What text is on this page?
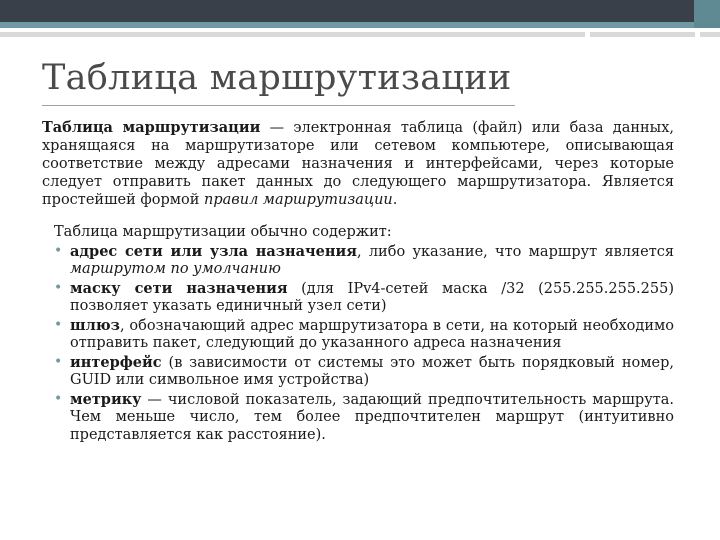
Таблица маршрутизации

Таблица маршрутизации — электронная таблица (файл) или база данных, хранящаяся на маршрутизаторе или сетевом компьютере, описывающая соответствие между адресами назначения и интерфейсами, через которые следует отправить пакет данных до следующего маршрутизатора. Является простейшей формой правил маршрутизации.

Таблица маршрутизации обычно содержит:

• адрес сети или узла назначения, либо указание, что маршрут является маршрутом по умолчанию
• маску сети назначения (для IPv4-сетей маска /32 (255.255.255.255) позволяет указать единичный узел сети)
• шлюз, обозначающий адрес маршрутизатора в сети, на который необходимо отправить пакет, следующий до указанного адреса назначения
• интерфейс (в зависимости от системы это может быть порядковый номер, GUID или символьное имя устройства)
• метрику — числовой показатель, задающий предпочтительность маршрута. Чем меньше число, тем более предпочтителен маршрут (интуитивно представляется как расстояние).
